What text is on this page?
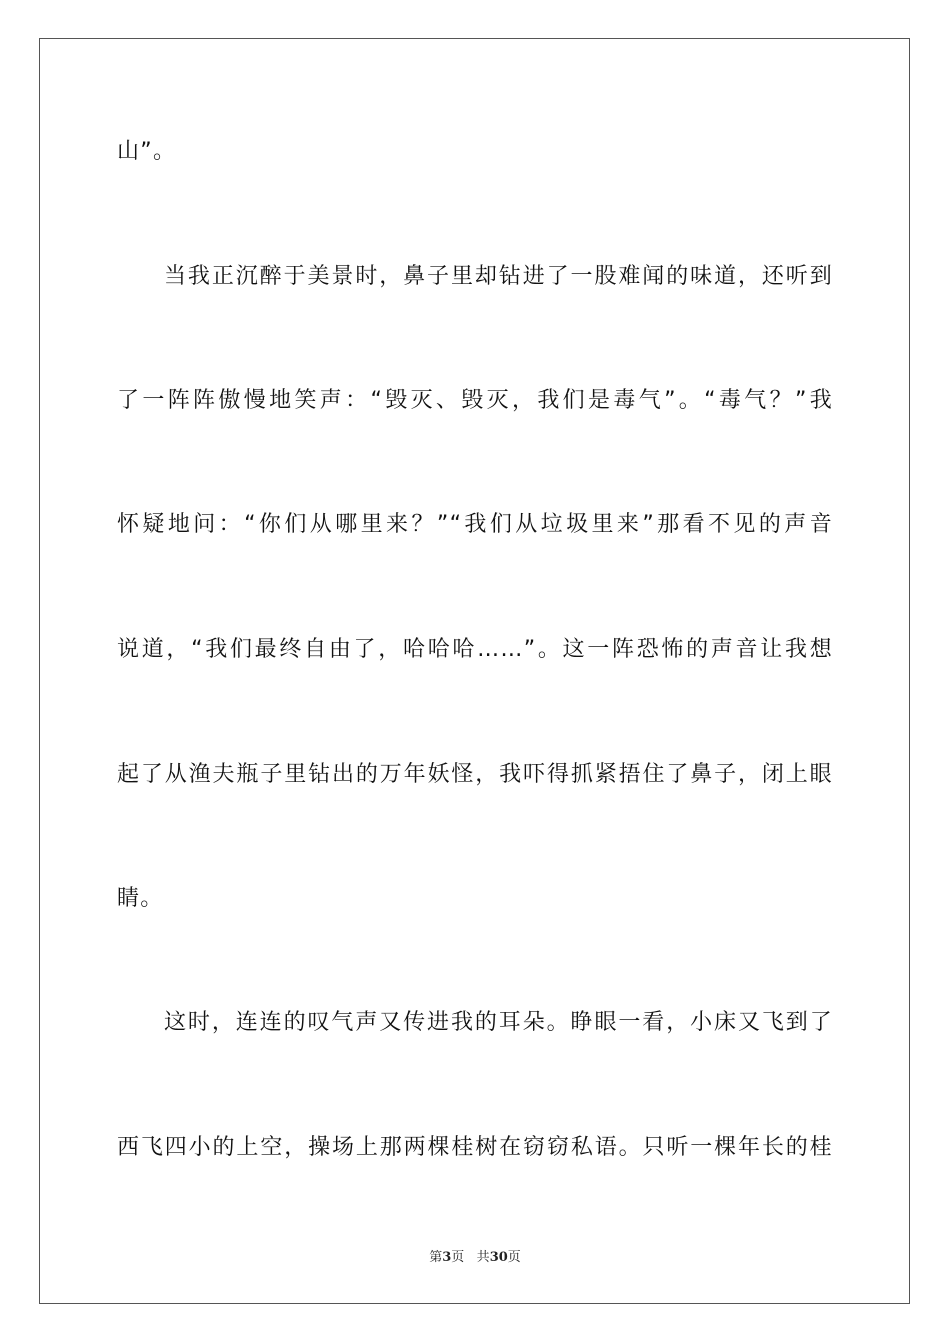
山”。
当我正沉醉于美景时，鼻子里却钻进了一股难闻的味道，还听到
了一阵阵傲慢地笑声：“毁灭、毁灭，我们是毒气”。“毒气？”我
怀疑地问：“你们从哪里来？”“我们从垃圾里来”那看不见的声音
说道，“我们最终自由了，哈哈哈……”。这一阵恐怖的声音让我想
起了从渔夫瓶子里钻出的万年妖怪，我吓得抓紧捂住了鼻子，闭上眼
睛。
这时，连连的叹气声又传进我的耳朵。睁眼一看，小床又飞到了
西飞四小的上空，操场上那两棵桂树在窃窃私语。只听一棵年长的桂
第3页 共30页
